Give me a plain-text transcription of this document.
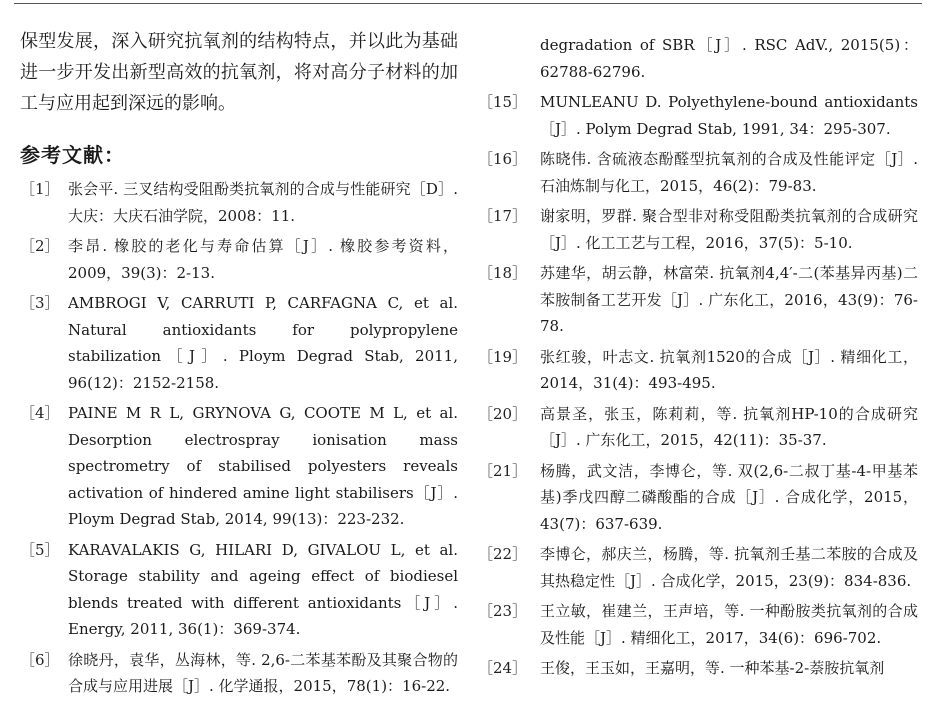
保型发展，深入研究抗氧剂的结构特点，并以此为基础进一步开发出新型高效的抗氧剂，将对高分子材料的加工与应用起到深远的影响。

参考文献：
［1］ 张会平. 三叉结构受阻酚类抗氧剂的合成与性能研究［D］. 大庆：大庆石油学院，2008：11.
［2］ 李昂. 橡胶的老化与寿命估算［J］. 橡胶参考资料，2009，39(3)：2-13.
［3］ AMBROGI V, CARRUTI P, CARFAGNA C, et al. Natural antioxidants for polypropylene stabilization［J］. Ploym Degrad Stab, 2011, 96(12)：2152-2158.
［4］ PAINE M R L, GRYNOVA G, COOTE M L, et al. Desorption electrospray ionisation mass spectrometry of stabilised polyesters reveals activation of hindered amine light stabilisers［J］. Ploym Degrad Stab, 2014, 99(13)：223-232.
［5］ KARAVALAKIS G, HILARI D, GIVALOU L, et al. Storage stability and ageing effect of biodiesel blends treated with different antioxidants［J］. Energy, 2011, 36(1)：369-374.
［6］ 徐晓丹，袁华，丛海林，等. 2,6-二苯基苯酚及其聚合物的合成与应用进展［J］. 化学通报，2015，78(1)：16-22.
degradation of SBR［J］. RSC AdV., 2015(5)：62788-62796.
［15］ MUNLEANU D. Polyethylene-bound antioxidants［J］. Polym Degrad Stab, 1991, 34：295-307.
［16］ 陈晓伟. 含硫液态酚醛型抗氧剂的合成及性能评定［J］. 石油炼制与化工，2015，46(2)：79-83.
［17］ 谢家明，罗群. 聚合型非对称受阻酚类抗氧剂的合成研究［J］. 化工工艺与工程，2016，37(5)：5-10.
［18］ 苏建华，胡云静，林富荣. 抗氧剂4,4′-二(苯基异丙基)二苯胺制备工艺开发［J］. 广东化工，2016，43(9)：76-78.
［19］ 张红骏，叶志文. 抗氧剂1520的合成［J］. 精细化工，2014，31(4)：493-495.
［20］ 高景圣，张玉，陈莉莉，等. 抗氧剂HP-10的合成研究［J］. 广东化工，2015，42(11)：35-37.
［21］ 杨腾，武文洁，李博仑，等. 双(2,6-二叔丁基-4-甲基苯基)季戊四醇二磷酸酯的合成［J］. 合成化学，2015，43(7)：637-639.
［22］ 李博仑，郝庆兰，杨腾，等. 抗氧剂壬基二苯胺的合成及其热稳定性［J］. 合成化学，2015，23(9)：834-836.
［23］ 王立敏，崔建兰，王声培，等. 一种酚胺类抗氧剂的合成及性能［J］. 精细化工，2017，34(6)：696-702.
［24］ 王俊，王玉如，王嘉明，等. 一种苯基-2-萘胺抗氧剂
